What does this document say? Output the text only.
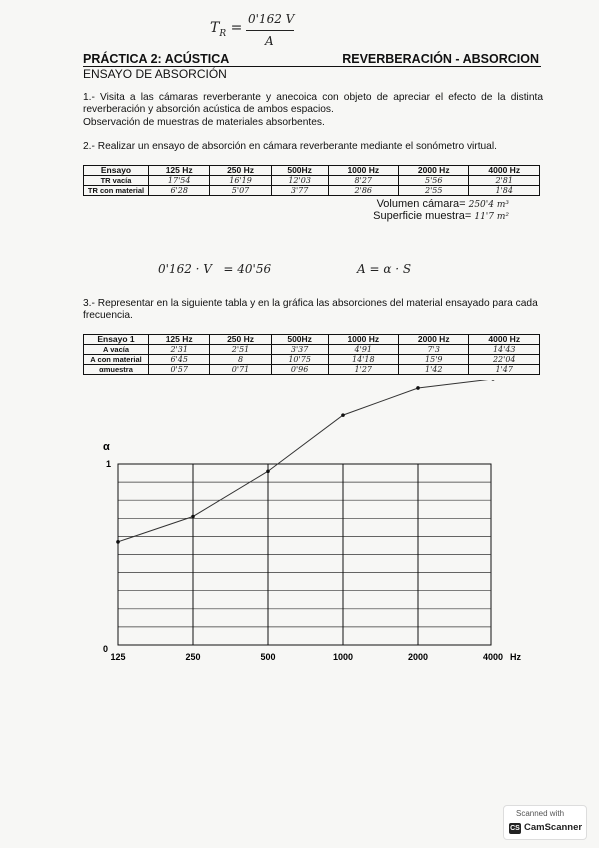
$T_R$ =
0'162 V
A
PRÁCTICA 2: ACÚSTICA	REVERBERACIÓN - ABSORCION
ENSAYO DE ABSORCIÓN
1.- Visita a las cámaras reverberante y anecoica con objeto de apreciar el efecto de la distinta reverberación y absorción acústica de ambos espacios.
Observación de muestras de materiales absorbentes.
2.- Realizar un ensayo de absorción en cámara reverberante mediante el sonómetro virtual.
Ensayo	125 Hz	250 Hz	500Hz	1000 Hz	2000 Hz	4000 Hz
TR vacía	17'54	16'19	12'03	8'27	5'56	2'81
TR con material	6'28	5'07	3'77	2'86	2'55	1'84
Volumen cámara= 250'4 m³
Superficie muestra= 11'7 m²
0'162 · V   = 40'56	A = α · S
3.- Representar en la siguiente tabla y en la gráfica las absorciones del material ensayado para cada frecuencia.
Ensayo 1	125 Hz	250 Hz	500Hz	1000 Hz	2000 Hz	4000 Hz
A vacía	2'31	2'51	3'37	4'91	7'3	14'43
A con material	6'45	8	10'75	14'18	15'9	22'04
αmuestra	0'57	0'71	0'96	1'27	1'42	1'47
125	250	500	1000	2000	4000 Hz
α
1
0
Scanned with
CS CamScanner
